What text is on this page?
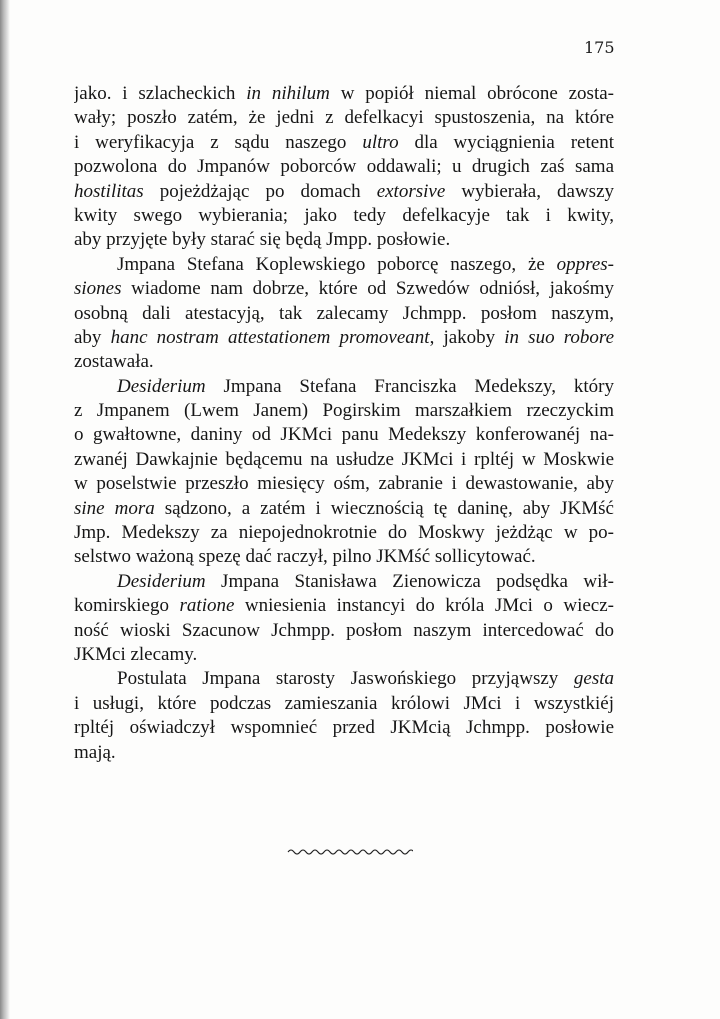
175
jako. i szlacheckich in nihilum w popiół niemal obrócone zosta-
wały; poszło zatém, że jedni z defelkacyi spustoszenia, na które
i weryfikacyja z sądu naszego ultro dla wyciągnienia retent
pozwolona do Jmpanów poborców oddawali; u drugich zaś sama
hostilitas pojeżdżając po domach extorsive wybierała, dawszy
kwity swego wybierania; jako tedy defelkacyje tak i kwity,
aby przyjęte były starać się będą Jmpp. posłowie.
Jmpana Stefana Koplewskiego poborcę naszego, że oppres-
siones wiadome nam dobrze, które od Szwedów odniósł, jakośmy
osobną dali atestacyją, tak zalecamy Jchmpp. posłom naszym,
aby hanc nostram attestationem promoveant, jakoby in suo robore
zostawała.
Desiderium Jmpana Stefana Franciszka Medekszy, który
z Jmpanem (Lwem Janem) Pogirskim marszałkiem rzeczyckim
o gwałtowne, daniny od JKMci panu Medekszy konferowanéj na-
zwanéj Dawkajnie będącemu na usłudze JKMci i rpltéj w Moskwie
w poselstwie przeszło miesięcy ośm, zabranie i dewastowanie, aby
sine mora sądzono, a zatém i wiecznością tę daninę, aby JKMść
Jmp. Medekszy za niepojednokrotnie do Moskwy jeżdżąc w po-
selstwo ważoną spezę dać raczył, pilno JKMść sollicytować.
Desiderium Jmpana Stanisława Zienowicza podsędka wił-
komirskiego ratione wniesienia instancyi do króla JMci o wiecz-
ność wioski Szacunow Jchmpp. posłom naszym intercedować do
JKMci zlecamy.
Postulata Jmpana starosty Jaswońskiego przyjąwszy gesta
i usługi, które podczas zamieszania królowi JMci i wszystkiéj
rpltéj oświadczył wspomnieć przed JKMcią Jchmpp. posłowie
mają.
